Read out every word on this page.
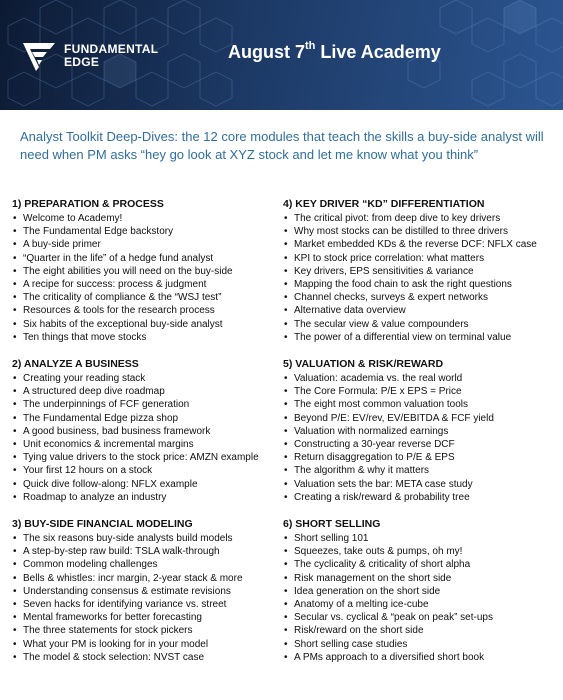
FUNDAMENTAL
EDGE	August 7th Live Academy
Analyst Toolkit Deep-Dives: the 12 core modules that teach the skills a buy-side analyst will need when PM asks “hey go look at XYZ stock and let me know what you think”
1) PREPARATION & PROCESS
• Welcome to Academy!
• The Fundamental Edge backstory
• A buy-side primer
• “Quarter in the life” of a hedge fund analyst
• The eight abilities you will need on the buy-side
• A recipe for success: process & judgment
• The criticality of compliance & the “WSJ test”
• Resources & tools for the research process
• Six habits of the exceptional buy-side analyst
• Ten things that move stocks
2) ANALYZE A BUSINESS
• Creating your reading stack
• A structured deep dive roadmap
• The underpinnings of FCF generation
• The Fundamental Edge pizza shop
• A good business, bad business framework
• Unit economics & incremental margins
• Tying value drivers to the stock price: AMZN example
• Your first 12 hours on a stock
• Quick dive follow-along: NFLX example
• Roadmap to analyze an industry
3) BUY-SIDE FINANCIAL MODELING
• The six reasons buy-side analysts build models
• A step-by-step raw build: TSLA walk-through
• Common modeling challenges
• Bells & whistles: incr margin, 2-year stack & more
• Understanding consensus & estimate revisions
• Seven hacks for identifying variance vs. street
• Mental frameworks for better forecasting
• The three statements for stock pickers
• What your PM is looking for in your model
• The model & stock selection: NVST case
4) KEY DRIVER “KD” DIFFERENTIATION
• The critical pivot: from deep dive to key drivers
• Why most stocks can be distilled to three drivers
• Market embedded KDs & the reverse DCF: NFLX case
• KPI to stock price correlation: what matters
• Key drivers, EPS sensitivities & variance
• Mapping the food chain to ask the right questions
• Channel checks, surveys & expert networks
• Alternative data overview
• The secular view & value compounders
• The power of a differential view on terminal value
5) VALUATION & RISK/REWARD
• Valuation: academia vs. the real world
• The Core Formula: P/E x EPS = Price
• The eight most common valuation tools
• Beyond P/E: EV/rev, EV/EBITDA & FCF yield
• Valuation with normalized earnings
• Constructing a 30-year reverse DCF
• Return disaggregation to P/E & EPS
• The algorithm & why it matters
• Valuation sets the bar: META case study
• Creating a risk/reward & probability tree
6) SHORT SELLING
• Short selling 101
• Squeezes, take outs & pumps, oh my!
• The cyclicality & criticality of short alpha
• Risk management on the short side
• Idea generation on the short side
• Anatomy of a melting ice-cube
• Secular vs. cyclical & “peak on peak” set-ups
• Risk/reward on the short side
• Short selling case studies
• A PMs approach to a diversified short book
